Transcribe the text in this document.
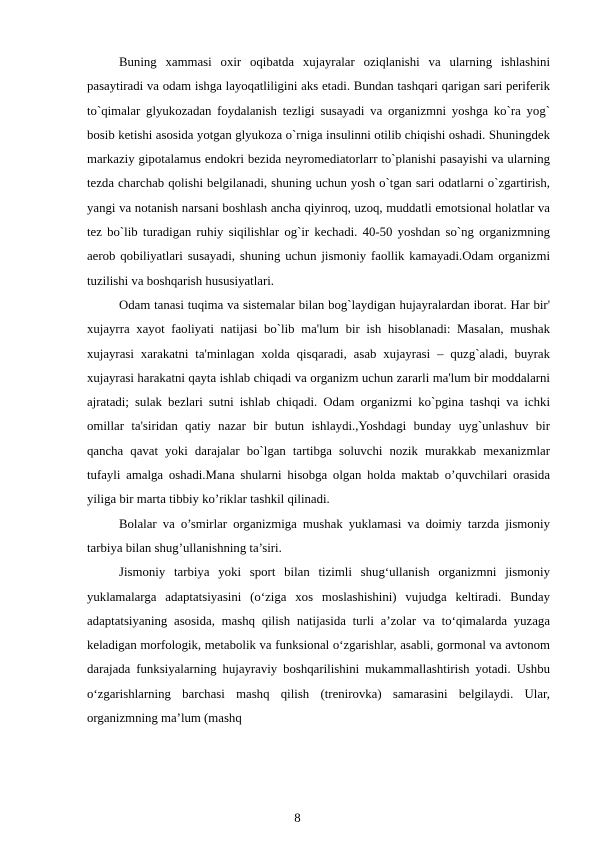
Buning xammasi oxir oqibatda xujayralar oziqlanishi va ularning ishlashini pasaytiradi va odam ishga layoqatliligini aks etadi. Bundan tashqari qarigan sari periferik to`qimalar glyukozadan foydalanish tezligi susayadi va organizmni yoshga ko`ra yog` bosib ketishi asosida yotgan glyukoza o`rniga insulinni otilib chiqishi oshadi. Shuningdek markaziy gipotalamus endokri bezida neyromediatorlarr to`planishi pasayishi va ularning tezda charchab qolishi belgilanadi, shuning uchun yosh o`tgan sari odatlarni o`zgartirish, yangi va notanish narsani boshlash ancha qiyinroq, uzoq, muddatli emotsional holatlar va tez bo`lib turadigan ruhiy siqilishlar og`ir kechadi. 40-50 yoshdan so`ng organizmning aerob qobiliyatlari susayadi, shuning uchun jismoniy faollik kamayadi.Odam organizmi tuzilishi va boshqarish hususiyatlari.

Odam tanasi tuqima va sistemalar bilan bog`laydigan hujayralardan iborat. Har bir' xujayrra xayot faoliyati natijasi bo`lib ma'lum bir ish hisoblanadi: Masalan, mushak xujayrasi xarakatni ta'minlagan xolda qisqaradi, asab xujayrasi – quzg`aladi, buyrak xujayrasi harakatni qayta ishlab chiqadi va organizm uchun zararli ma'lum bir moddalarni ajratadi; sulak bezlari sutni ishlab chiqadi. Odam organizmi ko`pgina tashqi va ichki omillar ta'siridan qatiy nazar bir butun ishlaydi.,Yoshdagi bunday uyg`unlashuv bir qancha qavat yoki darajalar bo`lgan tartibga soluvchi nozik murakkab mexanizmlar tufayli amalga oshadi.Mana shularni hisobga olgan holda maktab o’quvchilari orasida yiliga bir marta tibbiy ko’riklar tashkil qilinadi.

Bolalar va o’smirlar organizmiga mushak yuklamasi va doimiy tarzda jismoniy tarbiya bilan shug’ullanishning ta’siri.

Jismoniy tarbiya yoki sport bilan tizimli shug‘ullanish organizmni jismoniy yuklamalarga adaptatsiyasini (o‘ziga xos moslashishini) vujudga keltiradi. Bunday adaptatsiyaning asosida, mashq qilish natijasida turli a’zolar va to‘qimalarda yuzaga keladigan morfologik, metabolik va funksional o‘zgarishlar, asabli, gormonal va avtonom darajada funksiyalarning hujayraviy boshqarilishini mukammallashtirish yotadi. Ushbu o‘zgarishlarning barchasi mashq qilish (trenirovka) samarasini belgilaydi. Ular, organizmning ma’lum (mashq

8
